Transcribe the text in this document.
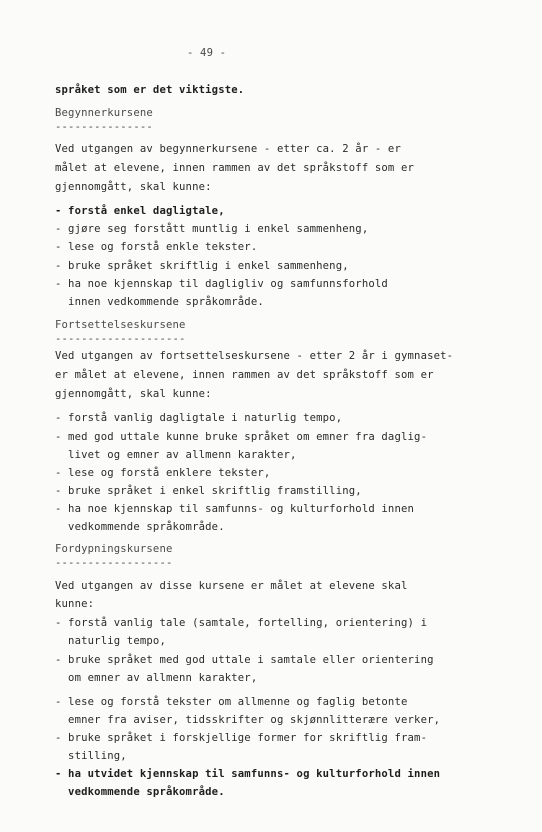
- 49 -
språket som er det viktigste.
Begynnerkursene
---------------
Ved utgangen av begynnerkursene - etter ca. 2 år - er
målet at elevene, innen rammen av det språkstoff som er
gjennomgått, skal kunne:
- forstå enkel dagligtale,
- gjøre seg forstått muntlig i enkel sammenheng,
- lese og forstå enkle tekster.
- bruke språket skriftlig i enkel sammenheng,
- ha noe kjennskap til dagligliv og samfunnsforhold
innen vedkommende språkområde.
Fortsettelseskursene
--------------------
Ved utgangen av fortsettelseskursene - etter 2 år i gymnaset-
er målet at elevene, innen rammen av det språkstoff som er
gjennomgått, skal kunne:
- forstå vanlig dagligtale i naturlig tempo,
- med god uttale kunne bruke språket om emner fra daglig-
livet og emner av allmenn karakter,
- lese og forstå enklere tekster,
- bruke språket i enkel skriftlig framstilling,
- ha noe kjennskap til samfunns- og kulturforhold innen
vedkommende språkområde.
Fordypningskursene
------------------
Ved utgangen av disse kursene er målet at elevene skal
kunne:
- forstå vanlig tale (samtale, fortelling, orientering) i
naturlig tempo,
- bruke språket med god uttale i samtale eller orientering
om emner av allmenn karakter,
- lese og forstå tekster om allmenne og faglig betonte
emner fra aviser, tidsskrifter og skjønnlitterære verker,
- bruke språket i forskjellige former for skriftlig fram-
stilling,
- ha utvidet kjennskap til samfunns- og kulturforhold innen
vedkommende språkområde.
